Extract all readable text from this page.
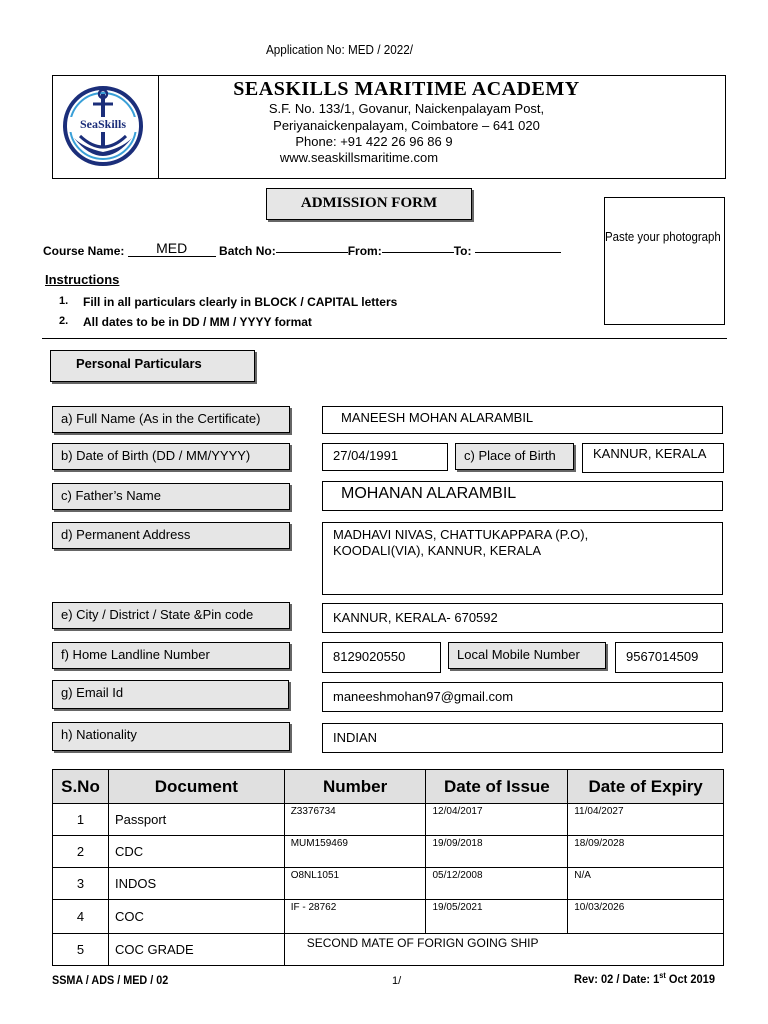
Application No: MED / 2022/
SeaSkills
SEASKILLS MARITIME ACADEMY
S.F. No. 133/1, Govanur, Naickenpalayam Post,
Periyanaickenpalayam, Coimbatore – 641 020
Phone: +91 422 26 96 86 9
www.seaskillsmaritime.com
ADMISSION FORM
Paste your photograph
Course Name: MED	Batch No:	From:	To:
Instructions
1. Fill in all particulars clearly in BLOCK / CAPITAL letters
2. All dates to be in DD / MM / YYYY format
Personal Particulars
a) Full Name (As in the Certificate)	MANEESH MOHAN ALARAMBIL
b) Date of Birth (DD / MM/YYYY)	27/04/1991	c) Place of Birth	KANNUR, KERALA
c) Father’s Name	MOHANAN ALARAMBIL
d) Permanent Address	MADHAVI NIVAS, CHATTUKAPPARA (P.O),
KOODALI(VIA), KANNUR, KERALA
e) City / District / State &Pin code	KANNUR, KERALA- 670592
f) Home Landline Number	8129020550	Local Mobile Number	9567014509
g) Email Id	maneeshmohan97@gmail.com
h) Nationality	INDIAN
S.No	Document	Number	Date of Issue	Date of Expiry
1	Passport	Z3376734	12/04/2017	11/04/2027
2	CDC	MUM159469	19/09/2018	18/09/2028
3	INDOS	O8NL1051	05/12/2008	N/A
4	COC	IF - 28762	19/05/2021	10/03/2026
5	COC GRADE	SECOND MATE OF FORIGN GOING SHIP		
SSMA / ADS / MED / 02	1/	Rev: 02 / Date: 1st Oct 2019
